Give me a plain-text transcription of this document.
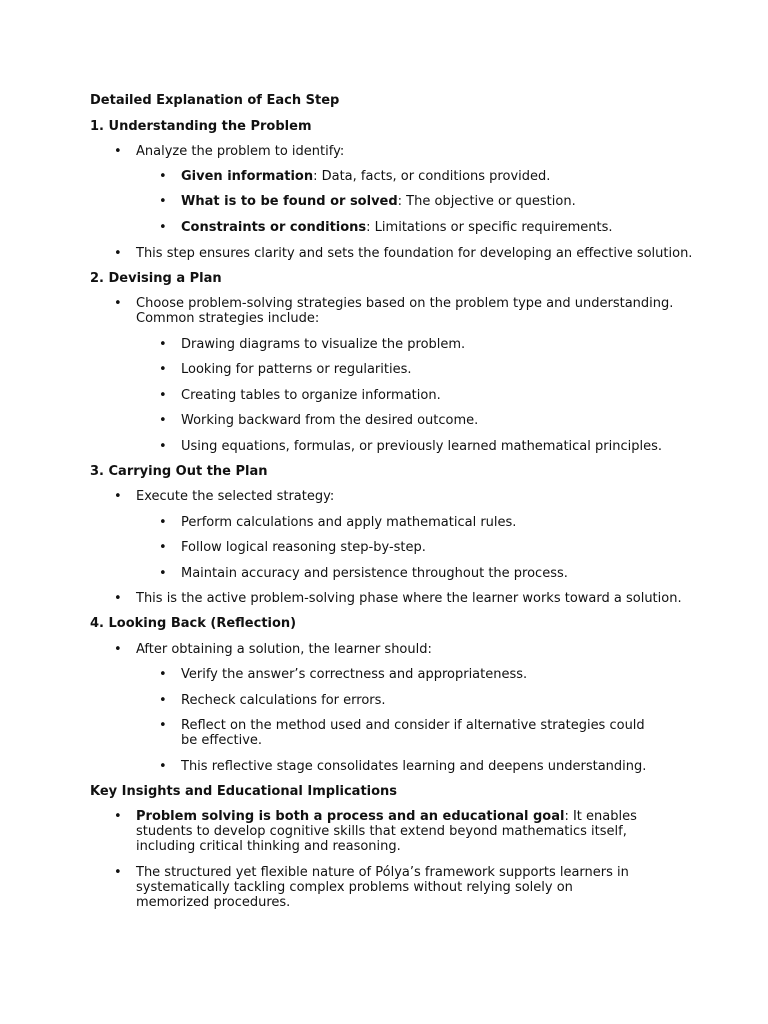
Detailed Explanation of Each Step
1. Understanding the Problem
• Analyze the problem to identify:
• Given information: Data, facts, or conditions provided.
• What is to be found or solved: The objective or question.
• Constraints or conditions: Limitations or specific requirements.
• This step ensures clarity and sets the foundation for developing an effective solution.
2. Devising a Plan
• Choose problem-solving strategies based on the problem type and understanding. Common strategies include:
• Drawing diagrams to visualize the problem.
• Looking for patterns or regularities.
• Creating tables to organize information.
• Working backward from the desired outcome.
• Using equations, formulas, or previously learned mathematical principles.
3. Carrying Out the Plan
• Execute the selected strategy:
• Perform calculations and apply mathematical rules.
• Follow logical reasoning step-by-step.
• Maintain accuracy and persistence throughout the process.
• This is the active problem-solving phase where the learner works toward a solution.
4. Looking Back (Reflection)
• After obtaining a solution, the learner should:
• Verify the answer’s correctness and appropriateness.
• Recheck calculations for errors.
• Reflect on the method used and consider if alternative strategies could be effective.
• This reflective stage consolidates learning and deepens understanding.
Key Insights and Educational Implications
• Problem solving is both a process and an educational goal: It enables students to develop cognitive skills that extend beyond mathematics itself, including critical thinking and reasoning.
• The structured yet flexible nature of Pólya’s framework supports learners in systematically tackling complex problems without relying solely on memorized procedures.
